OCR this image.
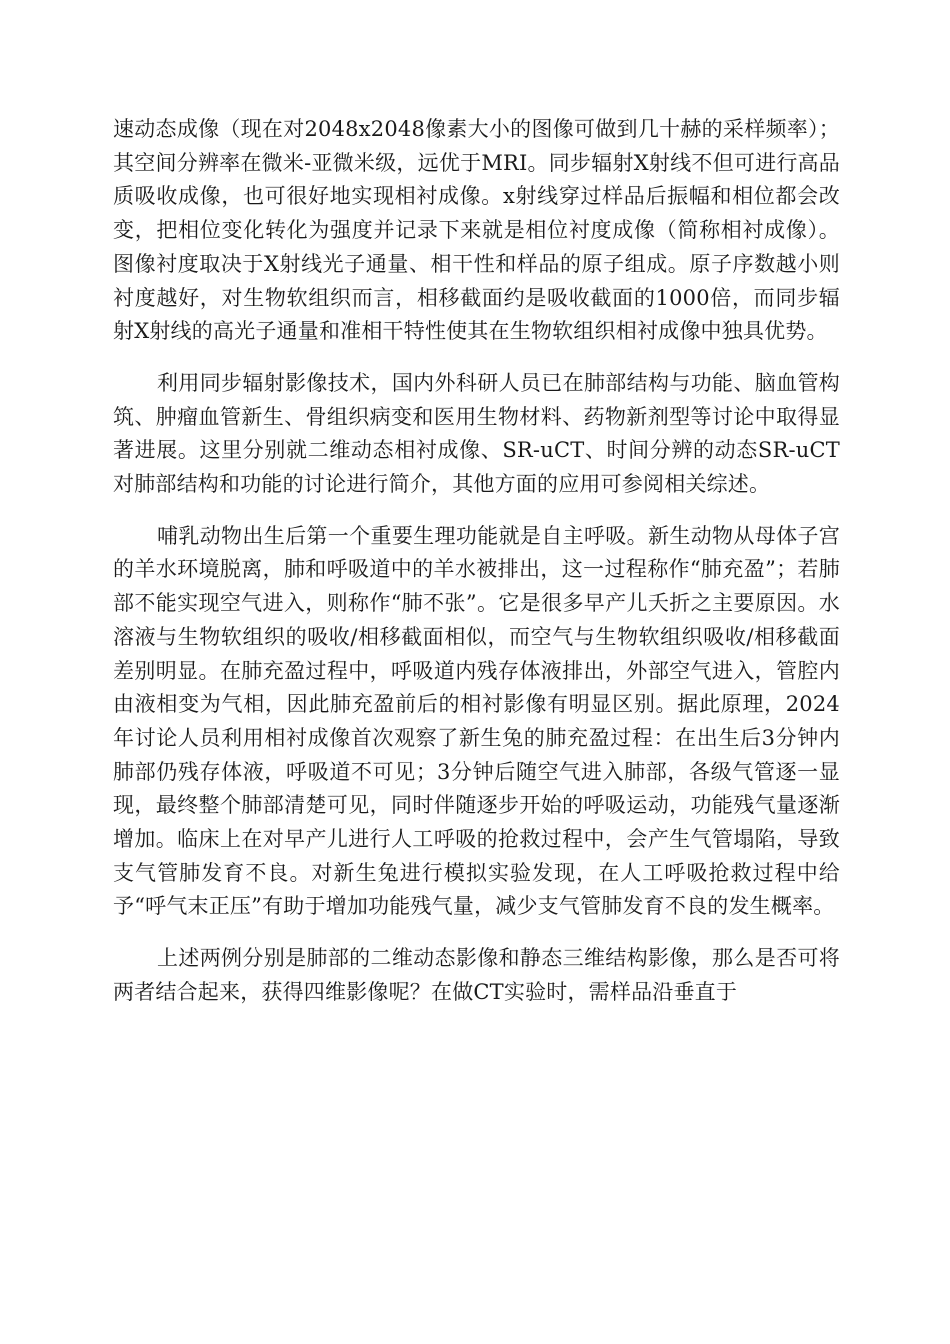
速动态成像（现在对2048x2048像素大小的图像可做到几十赫的采样频率）；其空间分辨率在微米-亚微米级，远优于MRI。同步辐射X射线不但可进行高品质吸收成像，也可很好地实现相衬成像。x射线穿过样品后振幅和相位都会改变，把相位变化转化为强度并记录下来就是相位衬度成像（简称相衬成像）。图像衬度取决于X射线光子通量、相干性和样品的原子组成。原子序数越小则衬度越好，对生物软组织而言，相移截面约是吸收截面的1000倍，而同步辐射X射线的高光子通量和准相干特性使其在生物软组织相衬成像中独具优势。

利用同步辐射影像技术，国内外科研人员已在肺部结构与功能、脑血管构筑、肿瘤血管新生、骨组织病变和医用生物材料、药物新剂型等讨论中取得显著进展。这里分别就二维动态相衬成像、SR-uCT、时间分辨的动态SR-uCT对肺部结构和功能的讨论进行简介，其他方面的应用可参阅相关综述。

哺乳动物出生后第一个重要生理功能就是自主呼吸。新生动物从母体子宫的羊水环境脱离，肺和呼吸道中的羊水被排出，这一过程称作“肺充盈”；若肺部不能实现空气进入，则称作“肺不张”。它是很多早产儿夭折之主要原因。水溶液与生物软组织的吸收/相移截面相似，而空气与生物软组织吸收/相移截面差别明显。在肺充盈过程中，呼吸道内残存体液排出，外部空气进入，管腔内由液相变为气相，因此肺充盈前后的相衬影像有明显区别。据此原理，2024年讨论人员利用相衬成像首次观察了新生兔的肺充盈过程：在出生后3分钟内肺部仍残存体液，呼吸道不可见；3分钟后随空气进入肺部，各级气管逐一显现，最终整个肺部清楚可见，同时伴随逐步开始的呼吸运动，功能残气量逐渐增加。临床上在对早产儿进行人工呼吸的抢救过程中，会产生气管塌陷，导致支气管肺发育不良。对新生兔进行模拟实验发现，在人工呼吸抢救过程中给予“呼气末正压”有助于增加功能残气量，减少支气管肺发育不良的发生概率。

上述两例分别是肺部的二维动态影像和静态三维结构影像，那么是否可将两者结合起来，获得四维影像呢？在做CT实验时，需样品沿垂直于
